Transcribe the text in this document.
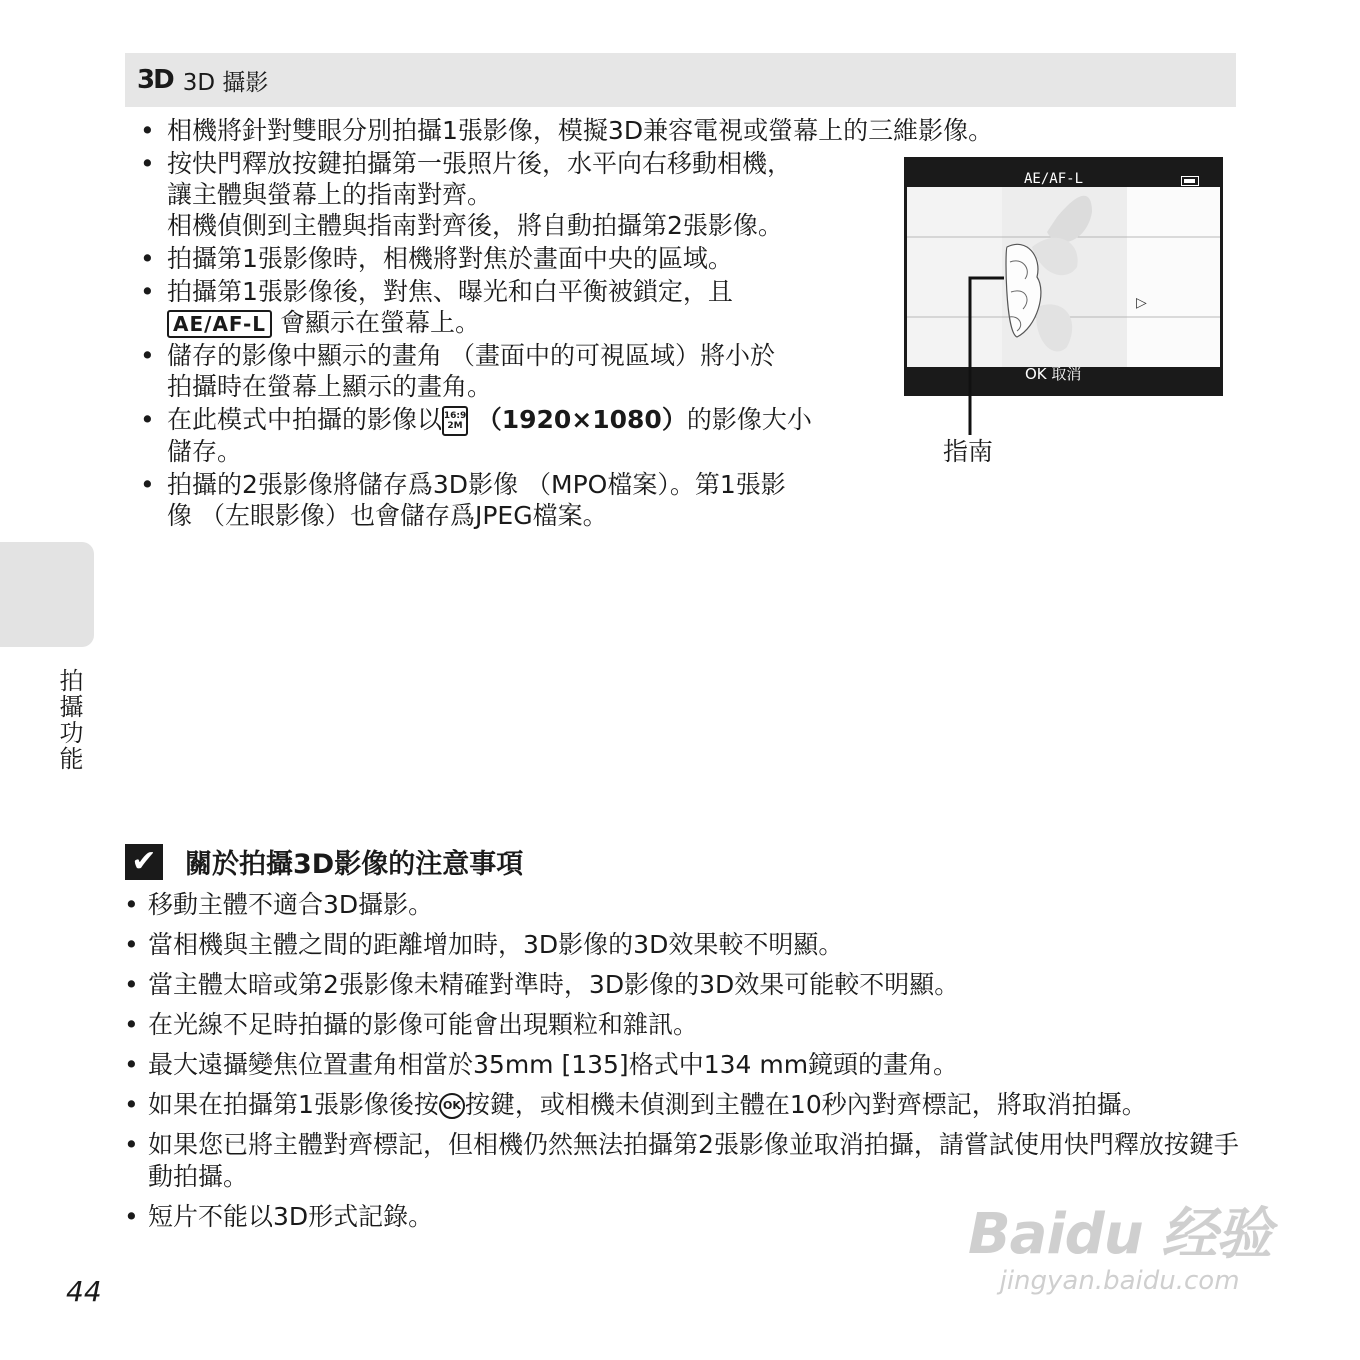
3D 3D 攝影
• 相機將針對雙眼分別拍攝1張影像，模擬3D兼容電視或螢幕上的三維影像。
• 按快門釋放按鍵拍攝第一張照片後，水平向右移動相機，
讓主體與螢幕上的指南對齊。
相機偵側到主體與指南對齊後，將自動拍攝第2張影像。
• 拍攝第1張影像時，相機將對焦於畫面中央的區域。
• 拍攝第1張影像後，對焦、曝光和白平衡被鎖定，且
AE/AF-L 會顯示在螢幕上。
• 儲存的影像中顯示的畫角 （畫面中的可視區域）將小於
拍攝時在螢幕上顯示的畫角。
• 在此模式中拍攝的影像以 16:9
2M （1920×1080）的影像大小
儲存。
• 拍攝的2張影像將儲存爲3D影像 （MPO檔案）。第1張影
像 （左眼影像）也會儲存爲JPEG檔案。
AE/AF-L
▷
OK 取消
指南
拍攝功能
✔ 關於拍攝3D影像的注意事項
• 移動主體不適合3D攝影。
• 當相機與主體之間的距離增加時，3D影像的3D效果較不明顯。
• 當主體太暗或第2張影像未精確對準時，3D影像的3D效果可能較不明顯。
• 在光線不足時拍攝的影像可能會出現顆粒和雜訊。
• 最大遠攝變焦位置畫角相當於35mm [135]格式中134 mm鏡頭的畫角。
• 如果在拍攝第1張影像後按 OK 按鍵，或相機未偵測到主體在10秒內對齊標記，將取消拍攝。
• 如果您已將主體對齊標記，但相機仍然無法拍攝第2張影像並取消拍攝，請嘗試使用快門釋放按鍵手動拍攝。
• 短片不能以3D形式記錄。
44
Baidu 经验
jingyan.baidu.com
